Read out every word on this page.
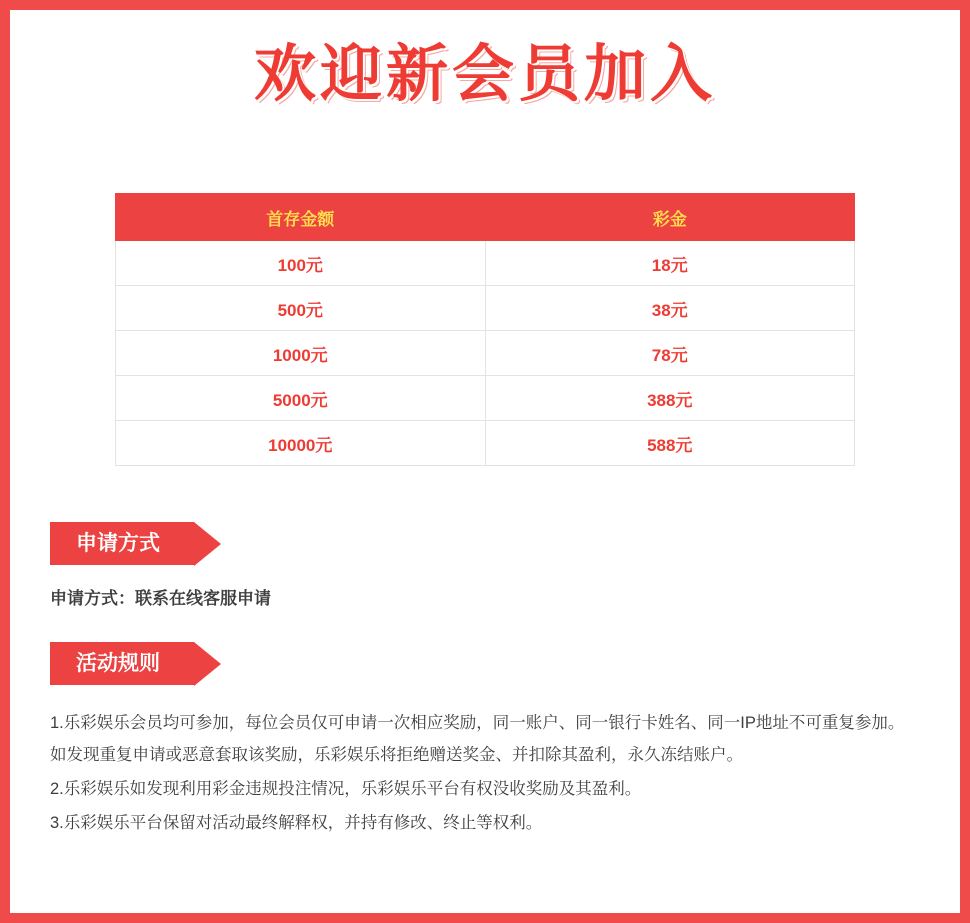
欢迎新会员加入
首存金额	彩金
100元	18元
500元	38元
1000元	78元
5000元	388元
10000元	588元
申请方式
申请方式：联系在线客服申请
活动规则

1.乐彩娱乐会员均可参加，每位会员仅可申请一次相应奖励，同一账户、同一银行卡姓名、同一IP地址不可重复参加。如发现重复申请或恶意套取该奖励，乐彩娱乐将拒绝赠送奖金、并扣除其盈利，永久冻结账户。

2.乐彩娱乐如发现利用彩金违规投注情况，乐彩娱乐平台有权没收奖励及其盈利。

3.乐彩娱乐平台保留对活动最终解释权，并持有修改、终止等权利。
